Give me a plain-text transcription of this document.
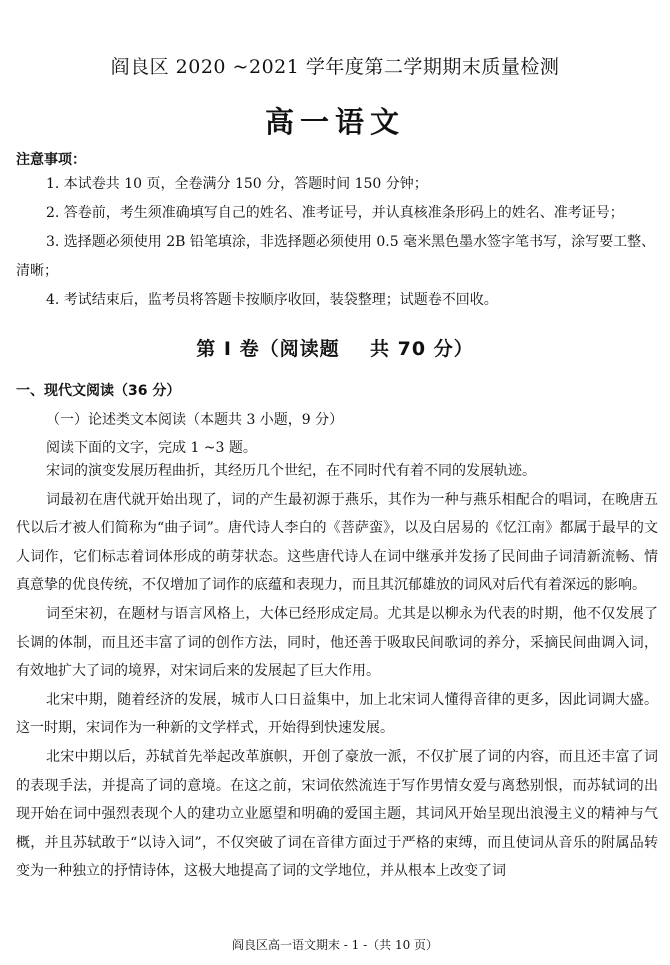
阎良区 2020 ~2021 学年度第二学期期末质量检测
高一语文
注意事项：

1. 本试卷共 10 页，全卷满分 150 分，答题时间 150 分钟；

2. 答卷前，考生须准确填写自己的姓名、准考证号，并认真核准条形码上的姓名、准考证号；

3. 选择题必须使用 2B 铅笔填涂，非选择题必须使用 0.5 毫米黑色墨水签字笔书写，涂写要工整、清晰；

4. 考试结束后，监考员将答题卡按顺序收回，装袋整理；试题卷不回收。

第 Ⅰ 卷（阅读题    共 70 分）
一、现代文阅读（36 分）
（一）论述类文本阅读（本题共 3 小题，9 分）
阅读下面的文字，完成 1 ~3 题。

宋词的演变发展历程曲折，其经历几个世纪，在不同时代有着不同的发展轨迹。

词最初在唐代就开始出现了，词的产生最初源于燕乐，其作为一种与燕乐相配合的唱词，在晚唐五代以后才被人们简称为“曲子词”。唐代诗人李白的《菩萨蛮》，以及白居易的《忆江南》都属于最早的文人词作，它们标志着词体形成的萌芽状态。这些唐代诗人在词中继承并发扬了民间曲子词清新流畅、情真意挚的优良传统，不仅增加了词作的底蕴和表现力，而且其沉郁雄放的词风对后代有着深远的影响。

词至宋初，在题材与语言风格上，大体已经形成定局。尤其是以柳永为代表的时期，他不仅发展了长调的体制，而且还丰富了词的创作方法，同时，他还善于吸取民间歌词的养分，采摘民间曲调入词，有效地扩大了词的境界，对宋词后来的发展起了巨大作用。

北宋中期，随着经济的发展，城市人口日益集中，加上北宋词人懂得音律的更多，因此词调大盛。这一时期，宋词作为一种新的文学样式，开始得到快速发展。

北宋中期以后，苏轼首先举起改革旗帜，开创了豪放一派，不仅扩展了词的内容，而且还丰富了词的表现手法，并提高了词的意境。在这之前，宋词依然流连于写作男情女爱与离愁别恨，而苏轼词的出现开始在词中强烈表现个人的建功立业愿望和明确的爱国主题，其词风开始呈现出浪漫主义的精神与气概，并且苏轼敢于“以诗入词”，不仅突破了词在音律方面过于严格的束缚，而且使词从音乐的附属品转变为一种独立的抒情诗体，这极大地提高了词的文学地位，并从根本上改变了词

阎良区高一语文期末 - 1 -（共 10 页）
